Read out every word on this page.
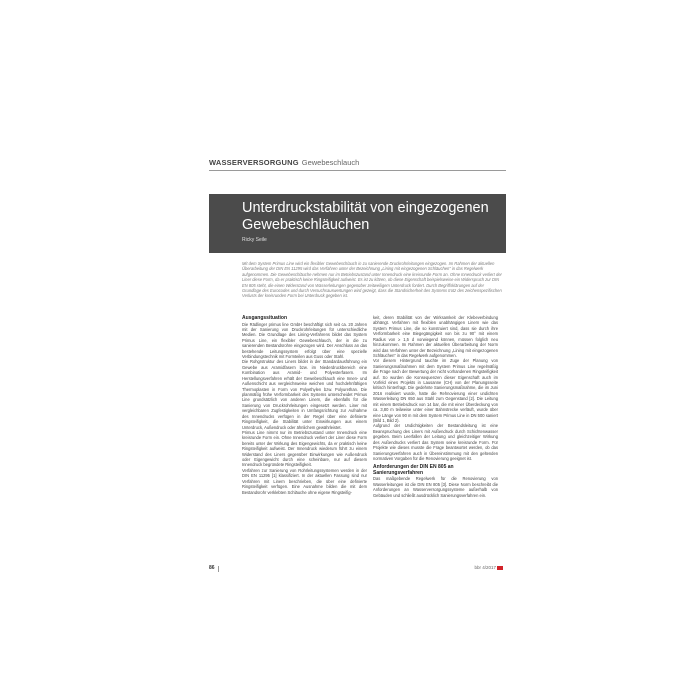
WASSERVERSORGUNG Gewebeschlauch
Unterdruckstabilität von eingezogenen Gewebeschläuchen
Ricky Seile

Mit dem System Primus Line wird ein flexibler Gewebeschlauch in zu sanierende Druckrohrleitungen eingezogen. Im Rahmen der aktuellen Überarbeitung der DIN EN 11295 wird das Verfahren unter der Bezeichnung „Lining mit eingezogenen Schläuchen“ in das Regelwerk aufgenommen. Die Gewebeschläuche nehmen nur im Betriebszustand unter Innendruck eine kreisrunde Form an. Ohne Innendruck verliert der Liner diese Form, da er praktisch keine Ringsteifigkeit aufweist. Es ist zu klären, ob diese Eigenschaft beispielsweise ein Widerspruch zur DIN EN 805 steht, die einen Widerstand von Wasserleitungen gegenüber zeitweiligem Unterdruck fordert. Durch Begriffsklärungen auf der Grundlage des Eurocodes und durch Versuchsauswertungen wird gezeigt, dass die Standsicherheit des Systems trotz des zeichenspezifischen Verlusts der kreisrunden Form bei Unterdruck gegeben ist.

Ausgangssituation

Die Rädlinger primus line GmbH beschäftigt sich seit ca. 20 Jahren mit der Sanierung von Druckrohrleitungen für unterschiedliche Medien. Die Grundlage des Lining-Verfahrens bildet das System Primus Line, ein flexibler Gewebeschlauch, der in die zu sanierenden Bestandsrohre eingezogen wird. Der Anschluss an das bestehende Leitungssystem erfolgt über eine spezielle Verbindungstechnik mit Formteilen aus Guss oder Stahl.

Die Rohgrstruktur des Liners bildet in der Standardausführung ein Gewebe aus Aramidfasern bzw. im Niederdruckbereich eine Kombination aus Aramid- und Polyesterfasern. Im Herstellungsverfahren erhält der Gewebeschlauch eine Innen- und Außenschicht aus vergleichsweise weichen und hochdehnfähigen Thermoplasten in Form von Polyethylen bzw. Polyurethan. Die planmäßig frühe Verformbarkeit des Systems unterscheidet Primus Line grundsätzlich von anderen Linern, die ebenfalls für die Sanierung von Druckrohrleitungen eingesetzt werden. Liner mit vergleichbaren Zugfestigkeiten in Umfangsrichtung zur Aufnahme des Innendrucks verfügen in der Regel über eine definierte Ringsteifigkeit, die Stabilität unter Einwirkungen aus einem Unterdruck, Außendruck oder ähnlichem gewährleistet.

Primus Line nimmt nur im Betriebszustand unter Innendruck eine kreisrunde Form ein. Ohne Innendruck verliert der Liner diese Form bereits unter der Wirkung des Eigengewichts, da er praktisch keine Ringsteifigkeit aufweist. Der Innendruck wiederum führt zu einem Widerstand des Liners gegenüber Einwirkungen wie Außendruck oder Eigengewicht durch eine scheinbare, nur auf diesem Innendruck begründete Ringsteifigkeit.

Verfahren zur Sanierung von Rohrleitungssystemen werden in der DIN EN 11295 [1] klassifiziert. In der aktuellen Fassung sind nur Verfahren mit Linern beschrieben, die über eine definierte Ringsteifigkeit verfügen. Eine Ausnahme bilden die mit dem Bestandsrohr verklebten Schläuche ohne eigene Ringsteifig-

keit, deren Stabilität von der Wirksamkeit der Klebeverbindung abhängt. Verfahren mit flexiblen unabhängigen Linern wie das System Primus Line, die so konstruiert sind, dass sie durch ihre Verformbarkeit eine Biegegängigkeit von bis zu 90° mit einem Radius von ≥ 1,5 d vorwiegend können, müssen folglich neu hinzukommen. Im Rahmen der aktuellen Überarbeitung der Norm wird das Verfahren unter der Bezeichnung „Lining mit eingezogenen Schläuchen“ in das Regelwerk aufgenommen.

Vor diesem Hintergrund tauchte im Zuge der Planung von Sanierungsmaßnahmen mit dem System Primus Line regelmäßig die Frage nach der Bewertung der nicht vorhandenen Ringsteifigkeit auf. So wurden die Konsequenzen dieser Eigenschaft auch im Vorfeld eines Projekts in Lausanne (CH) von der Planungsseite kritisch hinterfragt. Die gedehnte Sanierungsmaßnahme, die im Juni 2016 realisiert wurde, hatte die Rehnovierung einer undichten Wasserleitung DN 650 aus Stahl zum Gegenstand [2]. Die Leitung mit einem Betriebsdruck von 14 bar, die mit einer Überdeckung von ca. 3,80 m teilweise unter einer Bahnstrecke verläuft, wurde über eine Länge von 90 m mit dem System Primus Line in DN 500 saniert (Bild 1, Bild 2).

Aufgrund der Undichtigkeiten der Bestandsleitung ist eine Beanspruchung des Liners mit Außendruck durch Schichtenwasser gegeben. Beim Leerfallen der Leitung und gleichzeitiger Wirkung des Außendrucks verliert das System seine kreisrunde Form. Für Projekte wie dieses musste die Frage beantwortet werden, ob das Sanierungsverfahren auch in Übereinstimmung mit den geltenden normativen Vorgaben für die Renovierung geeignet ist.

Anforderungen der DIN EN 805 an Sanierungsverfahren

Das maßgebende Regelwerk für die Renovierung von Wasserleitungen ist die DIN EN 805 [3]. Diese Norm beschreibt die Anforderungen an Wasserversorgungssysteme außerhalb von Gebäuden und schließt ausdrücklich Sanierungsverfahren ein.

86	bbr 4/2017
